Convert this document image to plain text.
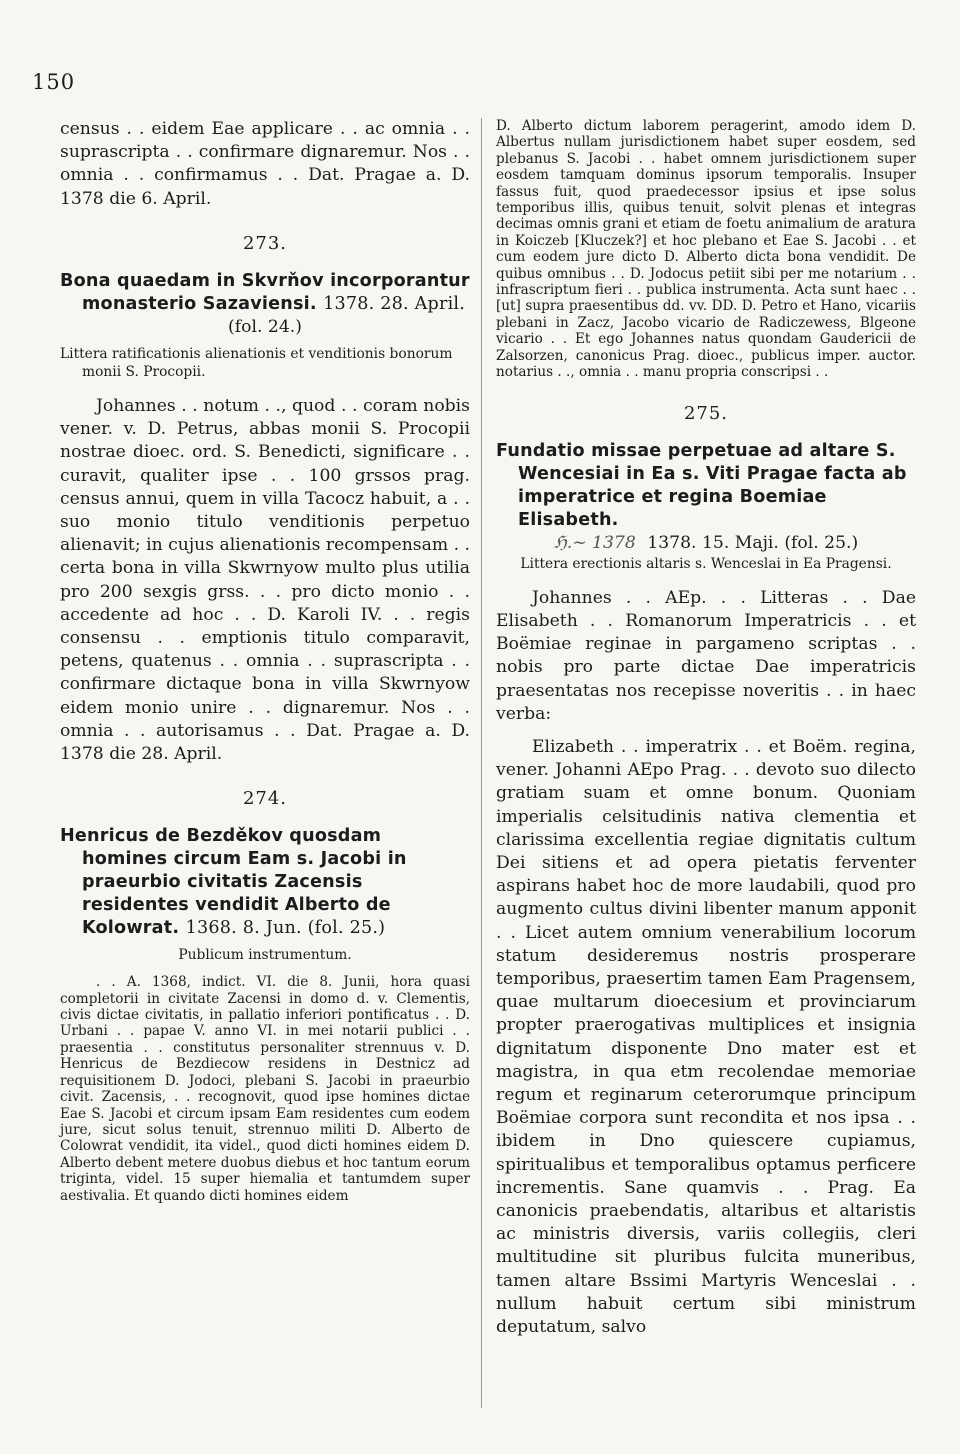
150

census . . eidem Eae applicare . . ac omnia . . suprascripta . . confirmare dignaremur. Nos . . omnia . . confirmamus . . Dat. Pragae a. D. 1378 die 6. April.

273.

Bona quaedam in Skvrňov incorporantur monasterio Sazaviensi. 1378. 28. April.

(fol. 24.)

Littera ratificationis alienationis et venditionis bonorum monii S. Procopii.

Johannes . . notum . ., quod . . coram nobis vener. v. D. Petrus, abbas monii S. Procopii nostrae dioec. ord. S. Benedicti, significare . . curavit, qualiter ipse . . 100 grssos prag. census annui, quem in villa Tacocz habuit, a . . suo monio titulo venditionis perpetuo alienavit; in cujus alienationis recompensam . . certa bona in villa Skwrnyow multo plus utilia pro 200 sexgis grss. . . pro dicto monio . . accedente ad hoc . . D. Karoli IV. . . regis consensu . . emptionis titulo comparavit, petens, quatenus . . omnia . . suprascripta . . confirmare dictaque bona in villa Skwrnyow eidem monio unire . . dignaremur. Nos . . omnia . . autorisamus . . Dat. Pragae a. D. 1378 die 28. April.

274.

Henricus de Bezděkov quosdam homines circum Eam s. Jacobi in praeurbio civitatis Zacensis residentes vendidit Alberto de Kolowrat. 1368. 8. Jun. (fol. 25.)

Publicum instrumentum.

. . A. 1368, indict. VI. die 8. Junii, hora quasi completorii in civitate Zacensi in domo d. v. Clementis, civis dictae civitatis, in pallatio inferiori pontificatus . . D. Urbani . . papae V. anno VI. in mei notarii publici . . praesentia . . constitutus personaliter strennuus v. D. Henricus de Bezdiecow residens in Destnicz ad requisitionem D. Jodoci, plebani S. Jacobi in praeurbio civit. Zacensis, . . recognovit, quod ipse homines dictae Eae S. Jacobi et circum ipsam Eam residentes cum eodem jure, sicut solus tenuit, strennuo militi D. Alberto de Colowrat vendidit, ita videl., quod dicti homines eidem D. Alberto debent metere duobus diebus et hoc tantum eorum triginta, videl. 15 super hiemalia et tantumdem super aestivalia. Et quando dicti homines eidem

D. Alberto dictum laborem peragerint, amodo idem D. Albertus nullam jurisdictionem habet super eosdem, sed plebanus S. Jacobi . . habet omnem jurisdictionem super eosdem tamquam dominus ipsorum temporalis. Insuper fassus fuit, quod praedecessor ipsius et ipse solus temporibus illis, quibus tenuit, solvit plenas et integras decimas omnis grani et etiam de foetu animalium de aratura in Koiczeb [Kluczek?] et hoc plebano et Eae S. Jacobi . . et cum eodem jure dicto D. Alberto dicta bona vendidit. De quibus omnibus . . D. Jodocus petiit sibi per me notarium . . infrascriptum fieri . . publica instrumenta. Acta sunt haec . . [ut] supra praesentibus dd. vv. DD. D. Petro et Hano, vicariis plebani in Zacz, Jacobo vicario de Radiczewess, Blgeone vicario . . Et ego Johannes natus quondam Gaudericii de Zalsorzen, canonicus Prag. dioec., publicus imper. auctor. notarius . ., omnia . . manu propria conscripsi . .

275.

Fundatio missae perpetuae ad altare S. Wencesiai in Ea s. Viti Pragae facta ab imperatrice et regina Boemiae Elisabeth.

ℌ.~ 1378 1378. 15. Maji. (fol. 25.)

Littera erectionis altaris s. Wenceslai in Ea Pragensi.

Johannes . . AEp. . . Litteras . . Dae Elisabeth . . Romanorum Imperatricis . . et Boëmiae reginae in pargameno scriptas . . nobis pro parte dictae Dae imperatricis praesentatas nos recepisse noveritis . . in haec verba:

Elizabeth . . imperatrix . . et Boëm. regina, vener. Johanni AEpo Prag. . . devoto suo dilecto gratiam suam et omne bonum. Quoniam imperialis celsitudinis nativa clementia et clarissima excellentia regiae dignitatis cultum Dei sitiens et ad opera pietatis ferventer aspirans habet hoc de more laudabili, quod pro augmento cultus divini libenter manum apponit . . Licet autem omnium venerabilium locorum statum desideremus nostris prosperare temporibus, praesertim tamen Eam Pragensem, quae multarum dioecesium et provinciarum propter praerogativas multiplices et insignia dignitatum disponente Dno mater est et magistra, in qua etm recolendae memoriae regum et reginarum ceterorumque principum Boëmiae corpora sunt recondita et nos ipsa . . ibidem in Dno quiescere cupiamus, spiritualibus et temporalibus optamus perficere incrementis. Sane quamvis . . Prag. Ea canonicis praebendatis, altaribus et altaristis ac ministris diversis, variis collegiis, cleri multitudine sit pluribus fulcita muneribus, tamen altare Bssimi Martyris Wenceslai . . nullum habuit certum sibi ministrum deputatum, salvo
